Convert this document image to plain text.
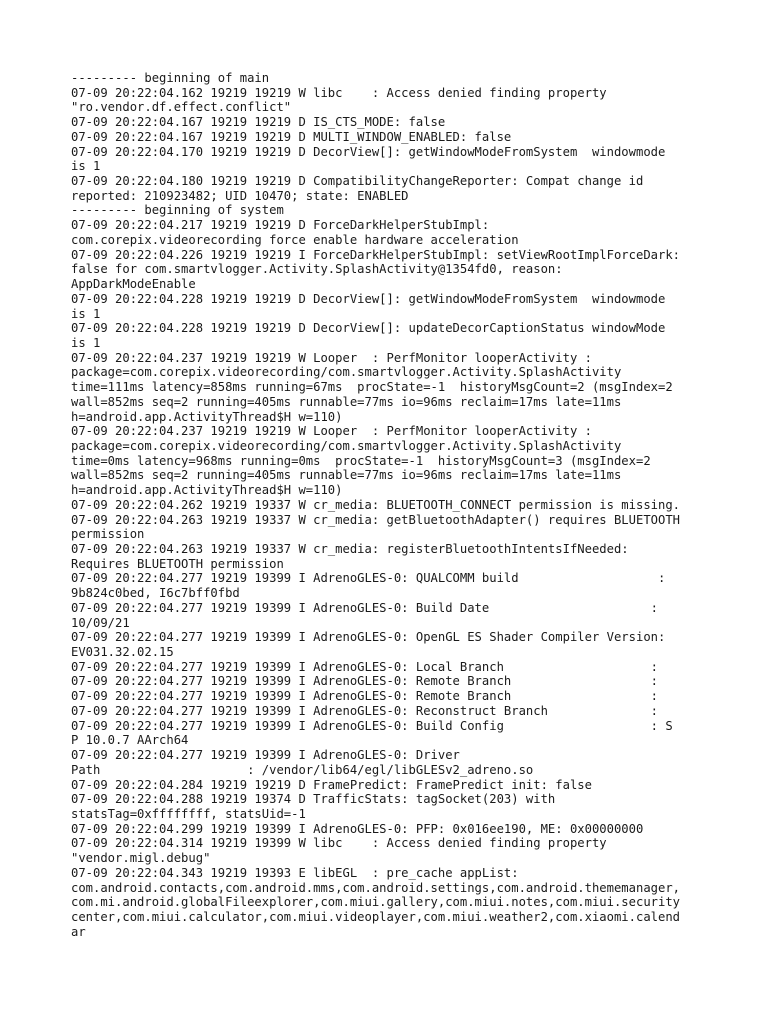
--------- beginning of main
07-09 20:22:04.162 19219 19219 W libc    : Access denied finding property
"ro.vendor.df.effect.conflict"
07-09 20:22:04.167 19219 19219 D IS_CTS_MODE: false
07-09 20:22:04.167 19219 19219 D MULTI_WINDOW_ENABLED: false
07-09 20:22:04.170 19219 19219 D DecorView[]: getWindowModeFromSystem  windowmode
is 1
07-09 20:22:04.180 19219 19219 D CompatibilityChangeReporter: Compat change id
reported: 210923482; UID 10470; state: ENABLED
--------- beginning of system
07-09 20:22:04.217 19219 19219 D ForceDarkHelperStubImpl:
com.corepix.videorecording force enable hardware acceleration
07-09 20:22:04.226 19219 19219 I ForceDarkHelperStubImpl: setViewRootImplForceDark:
false for com.smartvlogger.Activity.SplashActivity@1354fd0, reason:
AppDarkModeEnable
07-09 20:22:04.228 19219 19219 D DecorView[]: getWindowModeFromSystem  windowmode
is 1
07-09 20:22:04.228 19219 19219 D DecorView[]: updateDecorCaptionStatus windowMode
is 1
07-09 20:22:04.237 19219 19219 W Looper  : PerfMonitor looperActivity :
package=com.corepix.videorecording/com.smartvlogger.Activity.SplashActivity
time=111ms latency=858ms running=67ms  procState=-1  historyMsgCount=2 (msgIndex=2
wall=852ms seq=2 running=405ms runnable=77ms io=96ms reclaim=17ms late=11ms
h=android.app.ActivityThread$H w=110)
07-09 20:22:04.237 19219 19219 W Looper  : PerfMonitor looperActivity :
package=com.corepix.videorecording/com.smartvlogger.Activity.SplashActivity
time=0ms latency=968ms running=0ms  procState=-1  historyMsgCount=3 (msgIndex=2
wall=852ms seq=2 running=405ms runnable=77ms io=96ms reclaim=17ms late=11ms
h=android.app.ActivityThread$H w=110)
07-09 20:22:04.262 19219 19337 W cr_media: BLUETOOTH_CONNECT permission is missing.
07-09 20:22:04.263 19219 19337 W cr_media: getBluetoothAdapter() requires BLUETOOTH
permission
07-09 20:22:04.263 19219 19337 W cr_media: registerBluetoothIntentsIfNeeded:
Requires BLUETOOTH permission
07-09 20:22:04.277 19219 19399 I AdrenoGLES-0: QUALCOMM build                   :
9b824c0bed, I6c7bff0fbd
07-09 20:22:04.277 19219 19399 I AdrenoGLES-0: Build Date                      :
10/09/21
07-09 20:22:04.277 19219 19399 I AdrenoGLES-0: OpenGL ES Shader Compiler Version:
EV031.32.02.15
07-09 20:22:04.277 19219 19399 I AdrenoGLES-0: Local Branch                    :
07-09 20:22:04.277 19219 19399 I AdrenoGLES-0: Remote Branch                   :
07-09 20:22:04.277 19219 19399 I AdrenoGLES-0: Remote Branch                   :
07-09 20:22:04.277 19219 19399 I AdrenoGLES-0: Reconstruct Branch              :
07-09 20:22:04.277 19219 19399 I AdrenoGLES-0: Build Config                    : S
P 10.0.7 AArch64
07-09 20:22:04.277 19219 19399 I AdrenoGLES-0: Driver
Path                    : /vendor/lib64/egl/libGLESv2_adreno.so
07-09 20:22:04.284 19219 19219 D FramePredict: FramePredict init: false
07-09 20:22:04.288 19219 19374 D TrafficStats: tagSocket(203) with
statsTag=0xffffffff, statsUid=-1
07-09 20:22:04.299 19219 19399 I AdrenoGLES-0: PFP: 0x016ee190, ME: 0x00000000
07-09 20:22:04.314 19219 19399 W libc    : Access denied finding property
"vendor.migl.debug"
07-09 20:22:04.343 19219 19393 E libEGL  : pre_cache appList:
com.android.contacts,com.android.mms,com.android.settings,com.android.thememanager,
com.mi.android.globalFileexplorer,com.miui.gallery,com.miui.notes,com.miui.security
center,com.miui.calculator,com.miui.videoplayer,com.miui.weather2,com.xiaomi.calend
ar
